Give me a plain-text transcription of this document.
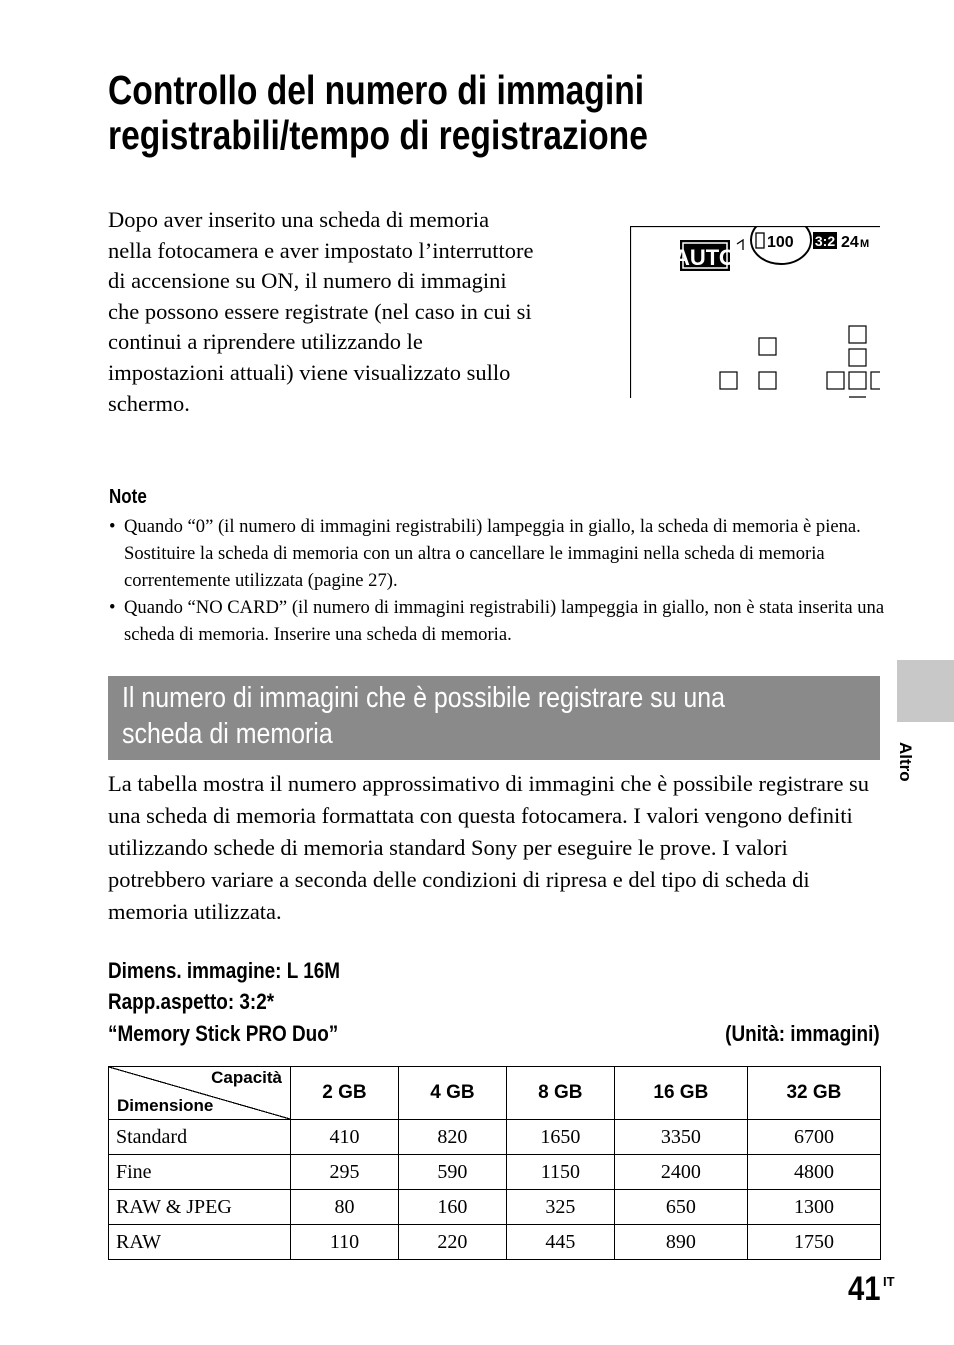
Controllo del numero di immagini
registrabili/tempo di registrazione
Dopo aver inserito una scheda di memoria nella fotocamera e aver impostato l’interruttore di accensione su ON, il numero di immagini che possono essere registrate (nel caso in cui si continui a riprendere utilizzando le impostazioni attuali) viene visualizzato sullo schermo.
AUTO
100 3:2 24 M
Note
• Quando “0” (il numero di immagini registrabili) lampeggia in giallo, la scheda di memoria è piena. Sostituire la scheda di memoria con un altra o cancellare le immagini nella scheda di memoria correntemente utilizzata (pagine 27).
• Quando “NO CARD” (il numero di immagini registrabili) lampeggia in giallo, non è stata inserita una scheda di memoria. Inserire una scheda di memoria.
Il numero di immagini che è possibile registrare su una
scheda di memoria
Altro
La tabella mostra il numero approssimativo di immagini che è possibile registrare su una scheda di memoria formattata con questa fotocamera. I valori vengono definiti utilizzando schede di memoria standard Sony per eseguire le prove. I valori potrebbero variare a seconda delle condizioni di ripresa e del tipo di scheda di memoria utilizzata.
Dimens. immagine: L 16M
Rapp.aspetto: 3:2*
“Memory Stick PRO Duo”	(Unità: immagini)
Capacità
Dimensione	2 GB	4 GB	8 GB	16 GB	32 GB
Standard	410	820	1650	3350	6700
Fine	295	590	1150	2400	4800
RAW & JPEG	80	160	325	650	1300
RAW	110	220	445	890	1750
41 IT
